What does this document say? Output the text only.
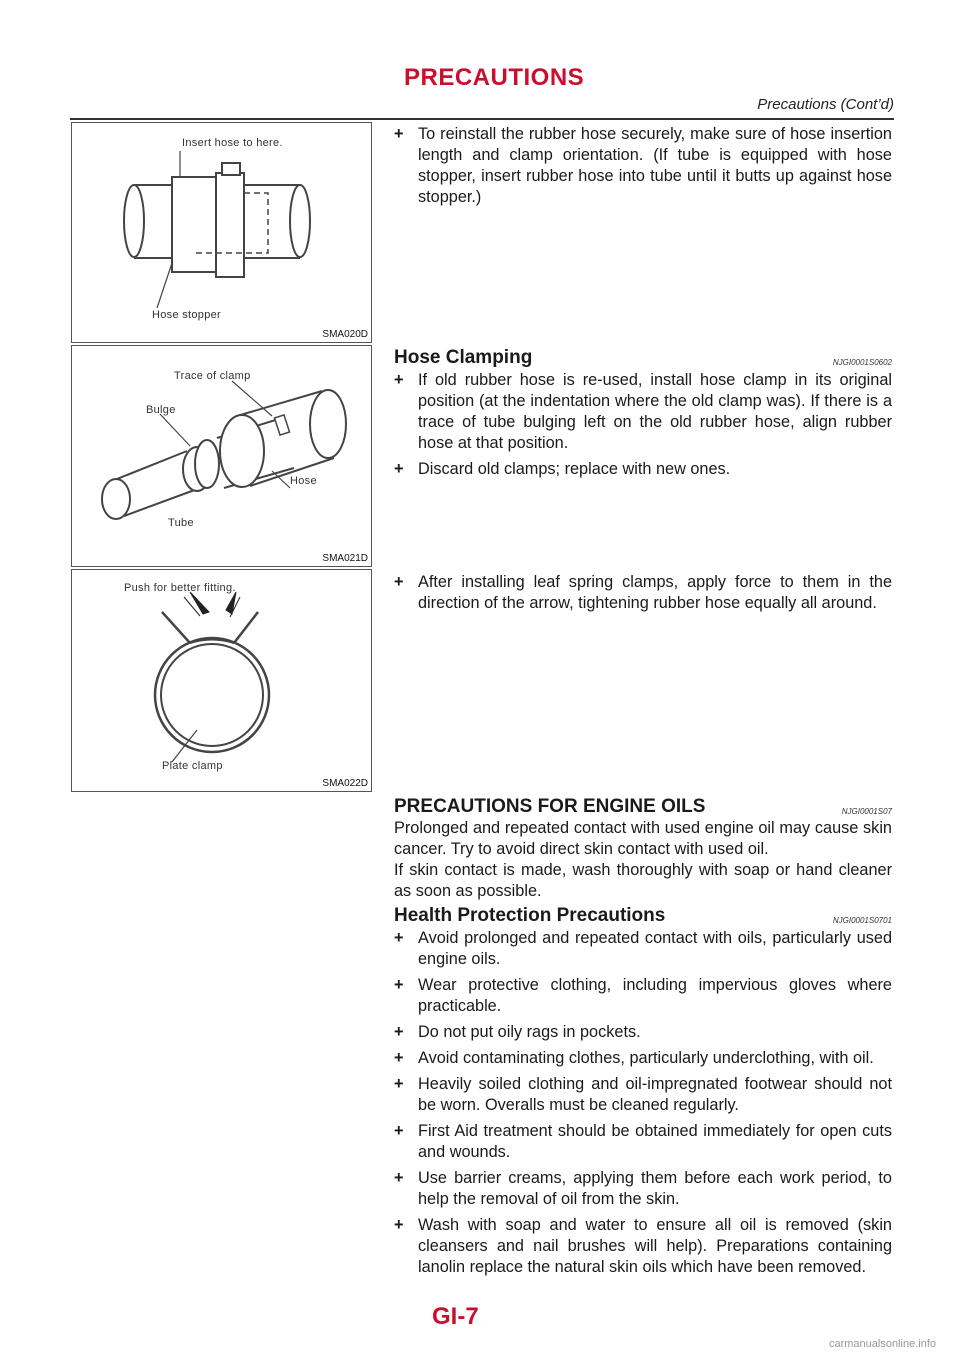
PRECAUTIONS
Precautions (Cont’d)
Insert hose to here.
Hose stopper
SMA020D
Trace of clamp
Bulge
Hose
Tube
SMA021D
Push for better fitting.
Plate clamp
SMA022D
+ To reinstall the rubber hose securely, make sure of hose insertion length and clamp orientation. (If tube is equipped with hose stopper, insert rubber hose into tube until it butts up against hose stopper.)
Hose Clamping	NJGI0001S0602
+ If old rubber hose is re-used, install hose clamp in its original position (at the indentation where the old clamp was). If there is a trace of tube bulging left on the old rubber hose, align rubber hose at that position.
+ Discard old clamps; replace with new ones.
+ After installing leaf spring clamps, apply force to them in the direction of the arrow, tightening rubber hose equally all around.
PRECAUTIONS FOR ENGINE OILS	NJGI0001S07

Prolonged and repeated contact with used engine oil may cause skin cancer. Try to avoid direct skin contact with used oil.

If skin contact is made, wash thoroughly with soap or hand cleaner as soon as possible.

Health Protection Precautions	NJGI0001S0701
+ Avoid prolonged and repeated contact with oils, particularly used engine oils.
+ Wear protective clothing, including impervious gloves where practicable.
+ Do not put oily rags in pockets.
+ Avoid contaminating clothes, particularly underclothing, with oil.
+ Heavily soiled clothing and oil-impregnated footwear should not be worn. Overalls must be cleaned regularly.
+ First Aid treatment should be obtained immediately for open cuts and wounds.
+ Use barrier creams, applying them before each work period, to help the removal of oil from the skin.
+ Wash with soap and water to ensure all oil is removed (skin cleansers and nail brushes will help). Preparations containing lanolin replace the natural skin oils which have been removed.
GI-7
carmanualsonline.info
